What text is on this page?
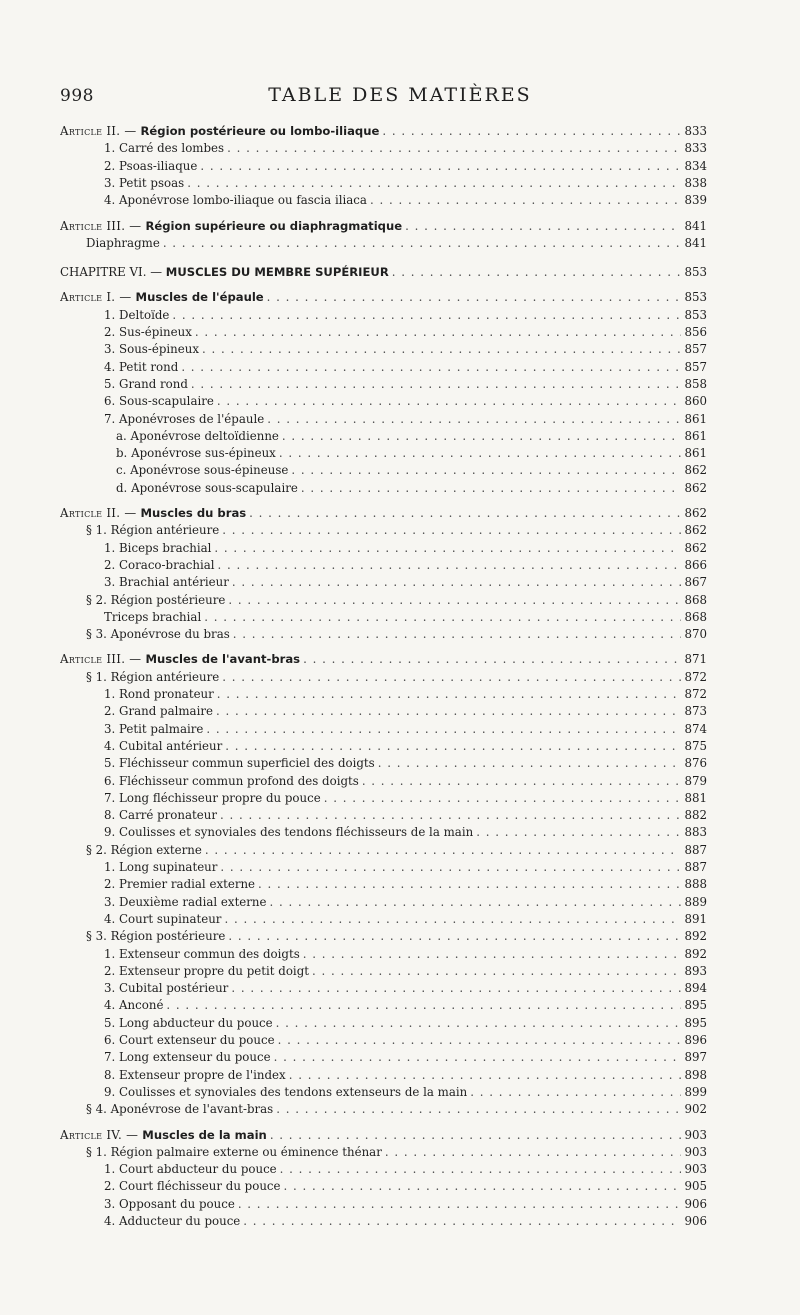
998	TABLE DES MATIÈRES
Article II. — Région postérieure ou lombo-iliaque . . .	833
1. Carré des lombes . . .	833
2. Psoas-iliaque . . .	834
3. Petit psoas . . .	838
4. Aponévrose lombo-iliaque ou fascia iliaca . . .	839
Article III. — Région supérieure ou diaphragmatique . . .	841
Diaphragme . . .	841
CHAPITRE VI. — MUSCLES DU MEMBRE SUPÉRIEUR . . .	853
Article I. — Muscles de l'épaule . . .	853
1. Deltoïde . . .	853
2. Sus-épineux . . .	856
3. Sous-épineux . . .	857
4. Petit rond . . .	857
5. Grand rond . . .	858
6. Sous-scapulaire . . .	860
7. Aponévroses de l'épaule . . .	861
a. Aponévrose deltoïdienne . . .	861
b. Aponévrose sus-épineux . . .	861
c. Aponévrose sous-épineuse . . .	862
d. Aponévrose sous-scapulaire . . .	862
Article II. — Muscles du bras . . .	862
§ 1. Région antérieure . . .	862
1. Biceps brachial . . .	862
2. Coraco-brachial . . .	866
3. Brachial antérieur . . .	867
§ 2. Région postérieure . . .	868
Triceps brachial . . .	868
§ 3. Aponévrose du bras . . .	870
Article III. — Muscles de l'avant-bras . . .	871
§ 1. Région antérieure . . .	872
1. Rond pronateur . . .	872
2. Grand palmaire . . .	873
3. Petit palmaire . . .	874
4. Cubital antérieur . . .	875
5. Fléchisseur commun superficiel des doigts . . .	876
6. Fléchisseur commun profond des doigts . . .	879
7. Long fléchisseur propre du pouce . . .	881
8. Carré pronateur . . .	882
9. Coulisses et synoviales des tendons fléchisseurs de la main . . .	883
§ 2. Région externe . . .	887
1. Long supinateur . . .	887
2. Premier radial externe . . .	888
3. Deuxième radial externe . . .	889
4. Court supinateur . . .	891
§ 3. Région postérieure . . .	892
1. Extenseur commun des doigts . . .	892
2. Extenseur propre du petit doigt . . .	893
3. Cubital postérieur . . .	894
4. Anconé . . .	895
5. Long abducteur du pouce . . .	895
6. Court extenseur du pouce . . .	896
7. Long extenseur du pouce . . .	897
8. Extenseur propre de l'index . . .	898
9. Coulisses et synoviales des tendons extenseurs de la main . . .	899
§ 4. Aponévrose de l'avant-bras . . .	902
Article IV. — Muscles de la main . . .	903
§ 1. Région palmaire externe ou éminence thénar . . .	903
1. Court abducteur du pouce . . .	903
2. Court fléchisseur du pouce . . .	905
3. Opposant du pouce . . .	906
4. Adducteur du pouce . . .	906
